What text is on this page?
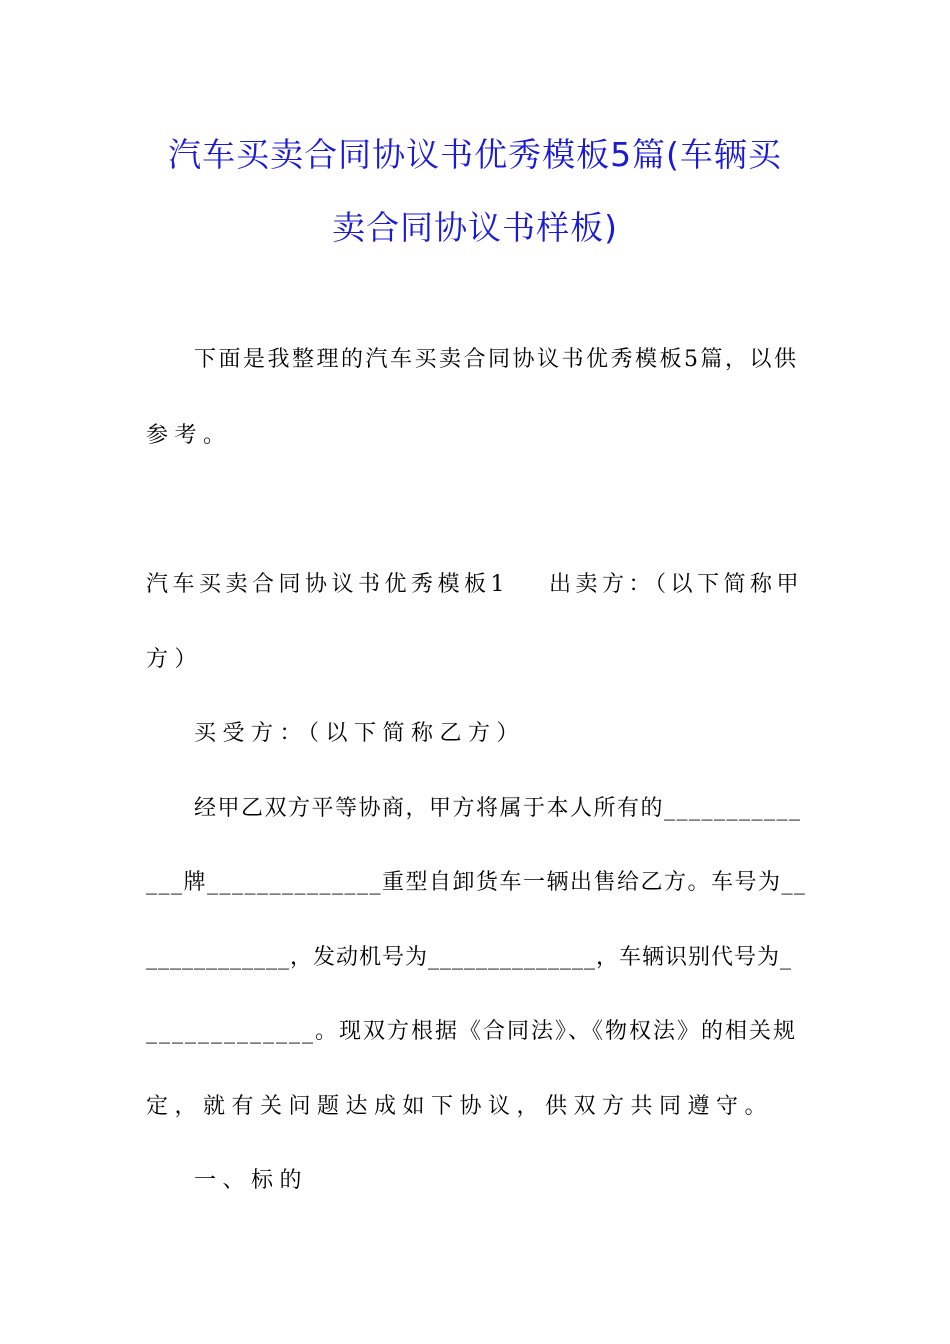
汽车买卖合同协议书优秀模板5篇(车辆买
卖合同协议书样板)
下面是我整理的汽车买卖合同协议书优秀模板5篇，以供
参考。
汽车买卖合同协议书优秀模板1 出卖方：（以下简称甲
方）
买受方：（以下简称乙方）
经甲乙双方平等协商，甲方将属于本人所有的___________
___牌______________重型自卸货车一辆出售给乙方。车号为__
____________，发动机号为______________，车辆识别代号为_
_____________。现双方根据《合同法》、《物权法》的相关规
定，就有关问题达成如下协议，供双方共同遵守。
一、标的
